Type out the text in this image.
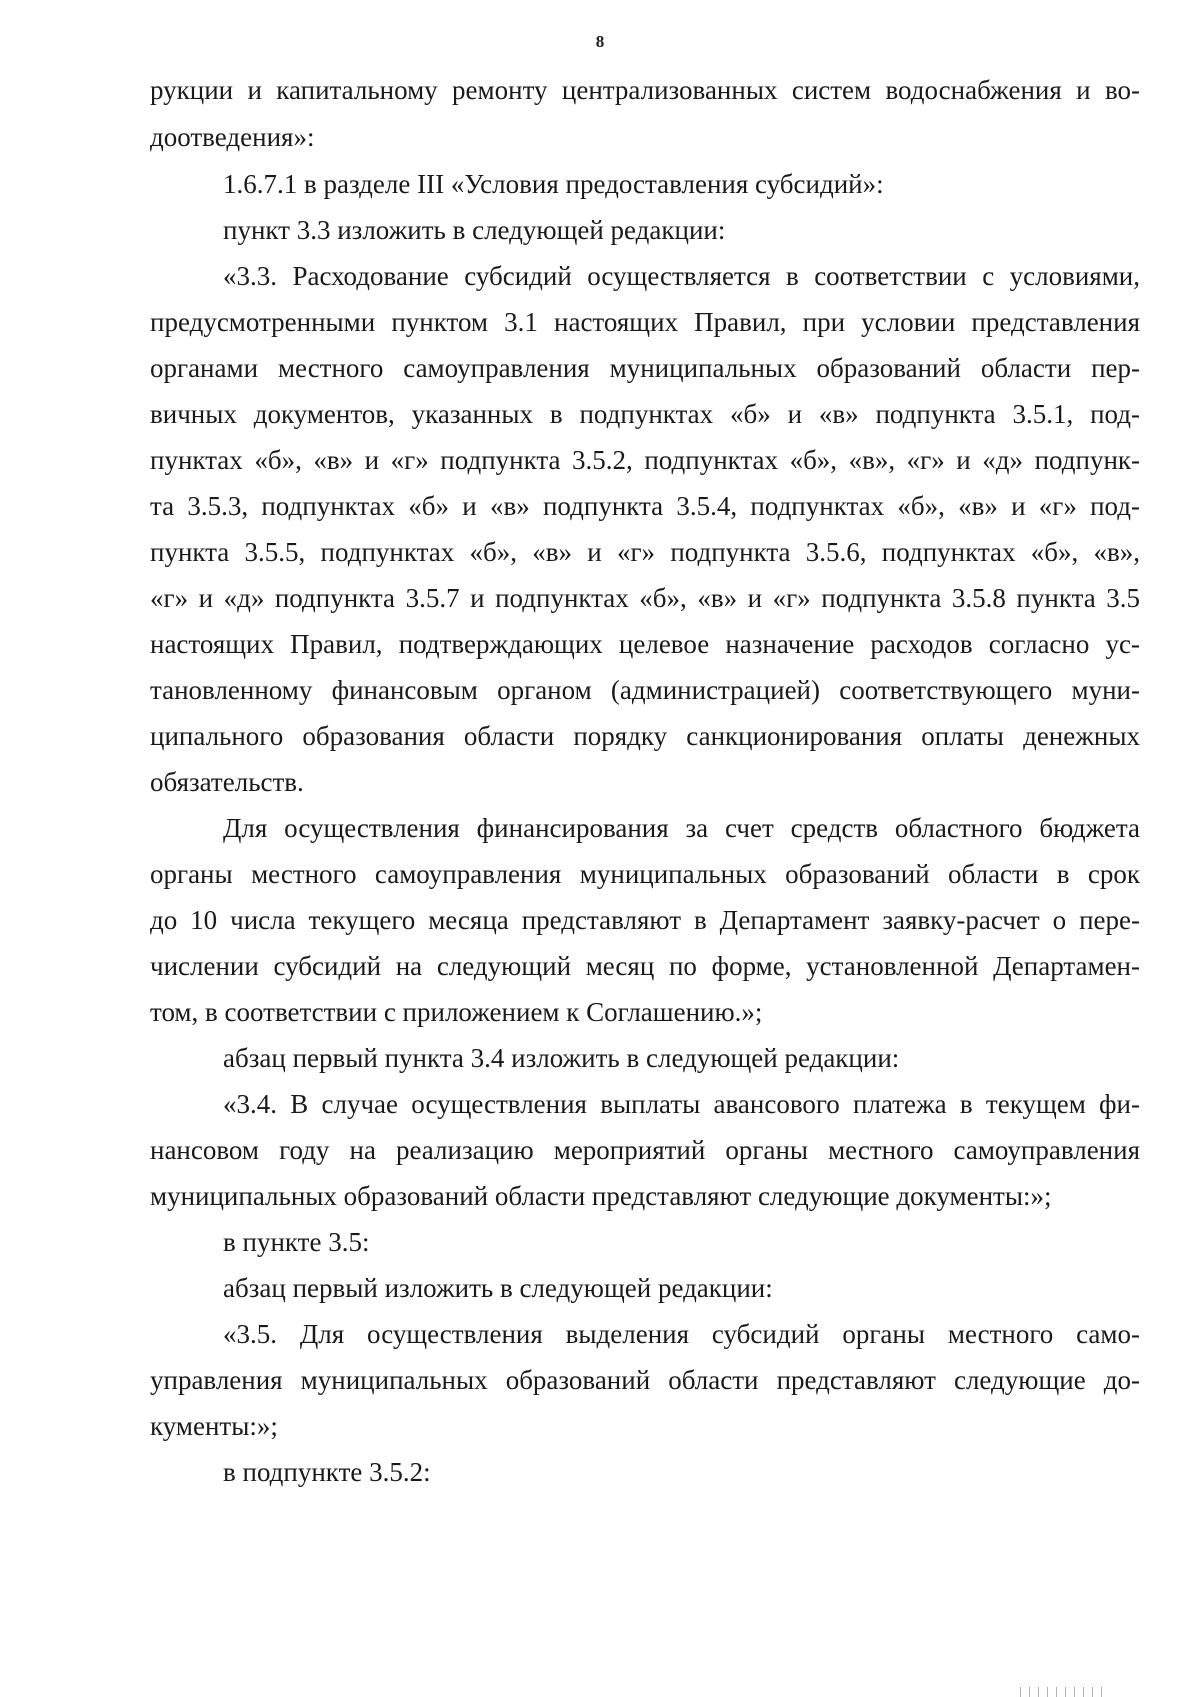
8
рукции и капитальному ремонту централизованных систем водоснабжения и во-
доотведения»:
1.6.7.1 в разделе III «Условия предоставления субсидий»:
пункт 3.3 изложить в следующей редакции:
«3.3. Расходование субсидий осуществляется в соответствии с условиями,
предусмотренными пунктом 3.1 настоящих Правил, при условии представления
органами местного самоуправления муниципальных образований области пер-
вичных документов, указанных в подпунктах «б» и «в» подпункта 3.5.1, под-
пунктах «б», «в» и «г» подпункта 3.5.2, подпунктах «б», «в», «г» и «д» подпунк-
та 3.5.3, подпунктах «б» и «в» подпункта 3.5.4, подпунктах «б», «в» и «г» под-
пункта 3.5.5, подпунктах «б», «в» и «г» подпункта 3.5.6, подпунктах «б», «в»,
«г» и «д» подпункта 3.5.7 и подпунктах «б», «в» и «г» подпункта 3.5.8 пункта 3.5
настоящих Правил, подтверждающих целевое назначение расходов согласно ус-
тановленному финансовым органом (администрацией) соответствующего муни-
ципального образования области порядку санкционирования оплаты денежных
обязательств.
Для осуществления финансирования за счет средств областного бюджета
органы местного самоуправления муниципальных образований области в срок
до 10 числа текущего месяца представляют в Департамент заявку-расчет о пере-
числении субсидий на следующий месяц по форме, установленной Департамен-
том, в соответствии с приложением к Соглашению.»;
абзац первый пункта 3.4 изложить в следующей редакции:
«3.4. В случае осуществления выплаты авансового платежа в текущем фи-
нансовом году на реализацию мероприятий органы местного самоуправления
муниципальных образований области представляют следующие документы:»;
в пункте 3.5:
абзац первый изложить в следующей редакции:
«3.5. Для осуществления выделения субсидий органы местного само-
управления муниципальных образований области представляют следующие до-
кументы:»;
в подпункте 3.5.2:
